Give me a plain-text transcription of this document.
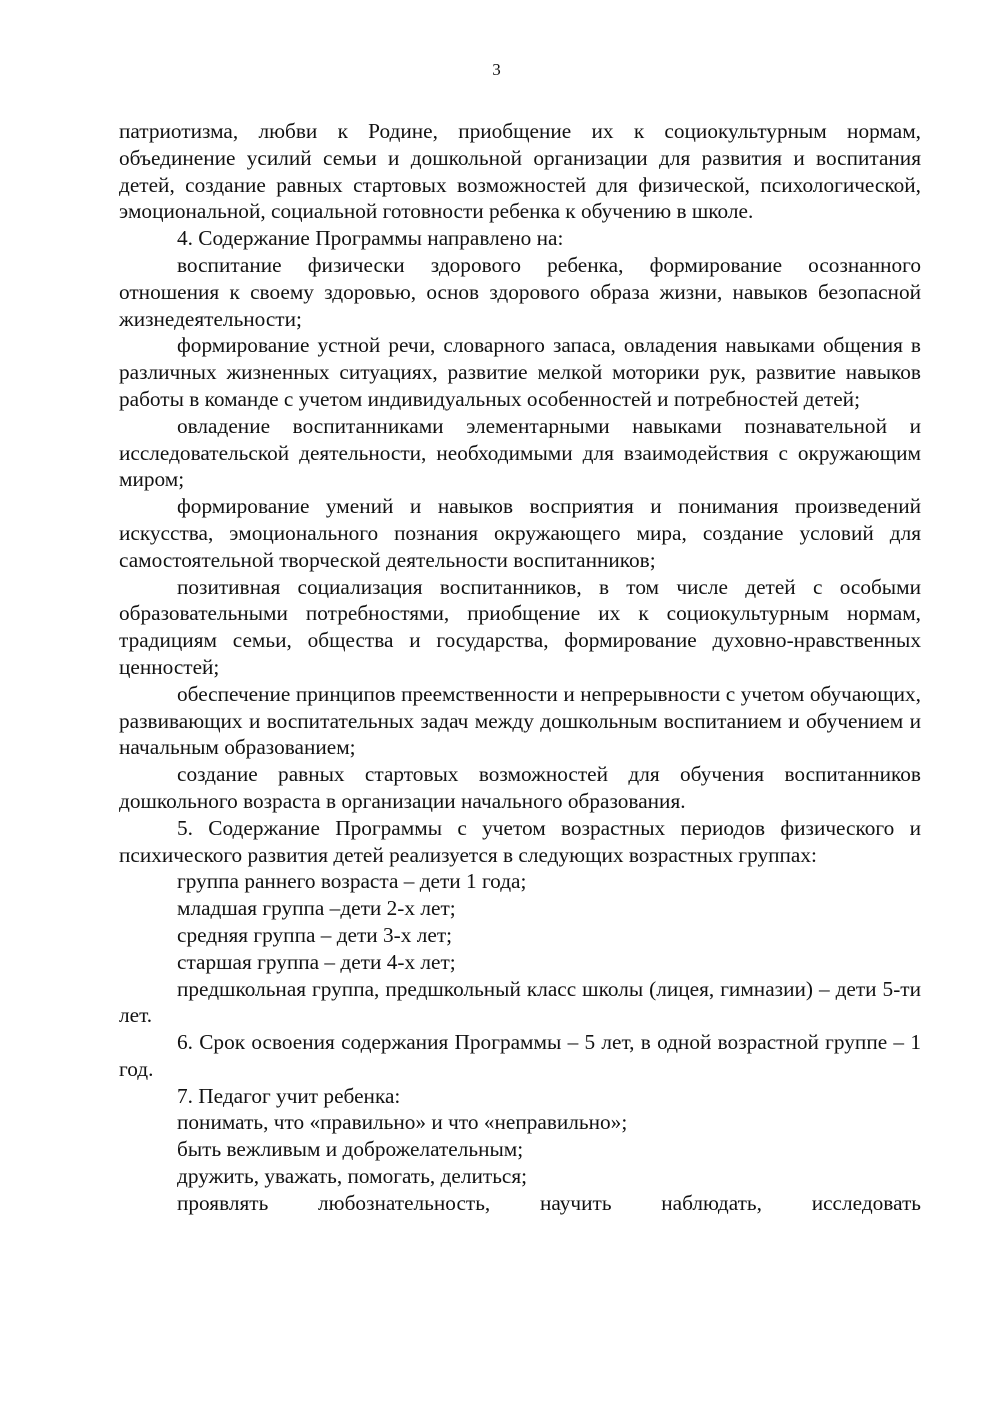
3

патриотизма, любви к Родине, приобщение их к социокультурным нормам, объединение усилий семьи и дошкольной организации для развития и воспитания детей, создание равных стартовых возможностей для физической, психологической, эмоциональной, социальной готовности ребенка к обучению в школе.

4. Содержание Программы направлено на:

воспитание физически здорового ребенка, формирование осознанного отношения к своему здоровью, основ здорового образа жизни, навыков безопасной жизнедеятельности;

формирование устной речи, словарного запаса, овладения навыками общения в различных жизненных ситуациях, развитие мелкой моторики рук, развитие навыков работы в команде с учетом индивидуальных особенностей и потребностей детей;

овладение воспитанниками элементарными навыками познавательной и исследовательской деятельности, необходимыми для взаимодействия с окружающим миром;

формирование умений и навыков восприятия и понимания произведений искусства, эмоционального познания окружающего мира, создание условий для самостоятельной творческой деятельности воспитанников;

позитивная социализация воспитанников, в том числе детей с особыми образовательными потребностями, приобщение их к социокультурным нормам, традициям семьи, общества и государства, формирование духовно-нравственных ценностей;

обеспечение принципов преемственности и непрерывности с учетом обучающих, развивающих и воспитательных задач между дошкольным воспитанием и обучением и начальным образованием;

создание равных стартовых возможностей для обучения воспитанников дошкольного возраста в организации начального образования.

5. Содержание Программы с учетом возрастных периодов физического и психического развития детей реализуется в следующих возрастных группах:

группа раннего возраста – дети 1 года;

младшая группа –дети 2-х лет;

средняя группа – дети 3-х лет;

старшая группа – дети 4-х лет;

предшкольная группа, предшкольный класс школы (лицея, гимназии) – дети 5-ти лет.

6. Срок освоения содержания Программы – 5 лет, в одной возрастной группе – 1 год.

7. Педагог учит ребенка:

понимать, что «правильно» и что «неправильно»;

быть вежливым и доброжелательным;

дружить, уважать, помогать, делиться;

проявлять любознательность, научить наблюдать, исследовать
